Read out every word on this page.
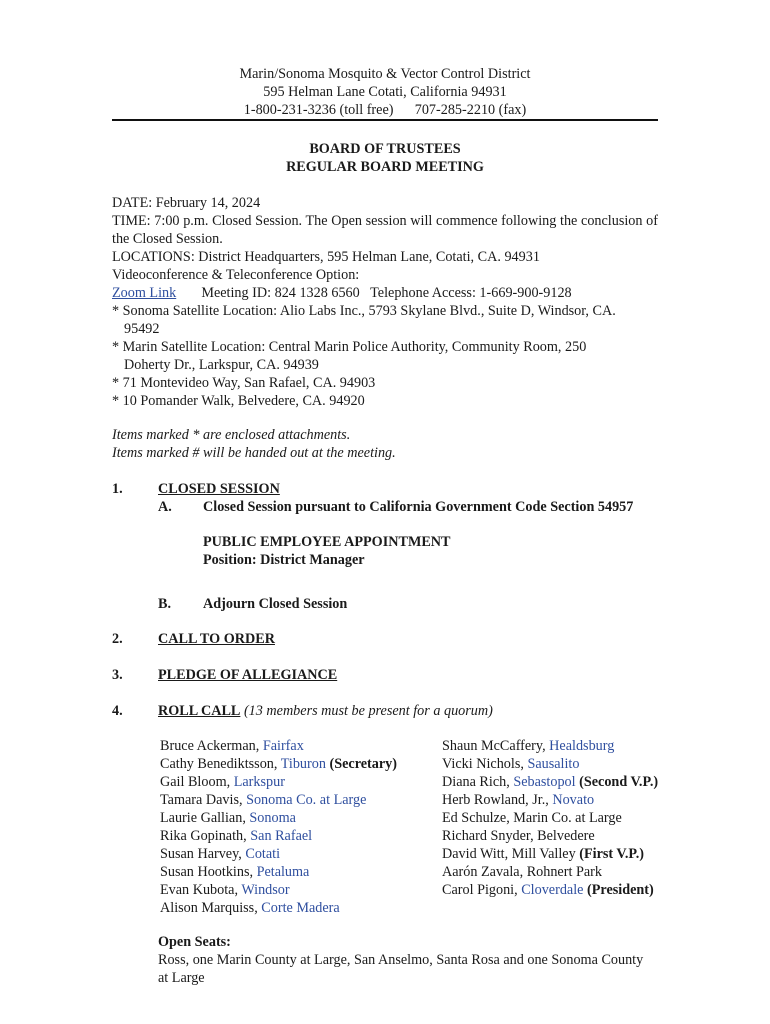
Marin/Sonoma Mosquito & Vector Control District
595 Helman Lane Cotati, California 94931
1-800-231-3236 (toll free)      707-285-2210 (fax)
BOARD OF TRUSTEES
REGULAR BOARD MEETING
DATE: February 14, 2024
TIME: 7:00 p.m. Closed Session. The Open session will commence following the conclusion of the Closed Session.
LOCATIONS: District Headquarters, 595 Helman Lane, Cotati, CA. 94931
Videoconference & Teleconference Option:
Zoom Link Meeting ID: 824 1328 6560   Telephone Access: 1-669-900-9128
* Sonoma Satellite Location: Alio Labs Inc., 5793 Skylane Blvd., Suite D, Windsor, CA.
95492
* Marin Satellite Location: Central Marin Police Authority, Community Room, 250
Doherty Dr., Larkspur, CA. 94939
* 71 Montevideo Way, San Rafael, CA. 94903
* 10 Pomander Walk, Belvedere, CA. 94920
Items marked * are enclosed attachments.
Items marked # will be handed out at the meeting.
1. CLOSED SESSION
A. Closed Session pursuant to California Government Code Section 54957
PUBLIC EMPLOYEE APPOINTMENT
Position: District Manager
B. Adjourn Closed Session
2. CALL TO ORDER
3. PLEDGE OF ALLEGIANCE
4. ROLL CALL (13 members must be present for a quorum)
Bruce Ackerman, Fairfax
Cathy Benediktsson, Tiburon (Secretary)
Gail Bloom, Larkspur
Tamara Davis, Sonoma Co. at Large
Laurie Gallian, Sonoma
Rika Gopinath, San Rafael
Susan Harvey, Cotati
Susan Hootkins, Petaluma
Evan Kubota, Windsor
Alison Marquiss, Corte Madera
Shaun McCaffery, Healdsburg
Vicki Nichols, Sausalito
Diana Rich, Sebastopol (Second V.P.)
Herb Rowland, Jr., Novato
Ed Schulze, Marin Co. at Large
Richard Snyder, Belvedere
David Witt, Mill Valley (First V.P.)
Aarón Zavala, Rohnert Park
Carol Pigoni, Cloverdale (President)
Open Seats:
Ross, one Marin County at Large, San Anselmo, Santa Rosa and one Sonoma County at Large
